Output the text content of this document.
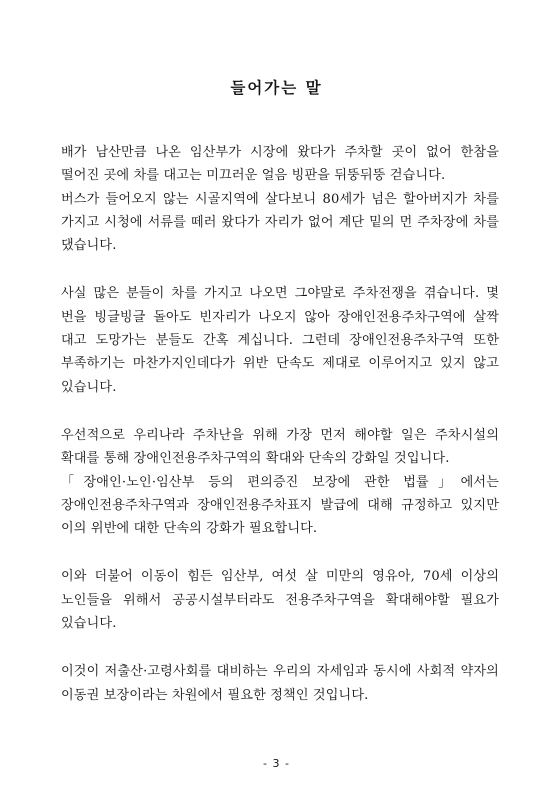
들어가는 말

배가 남산만큼 나온 임산부가 시장에 왔다가 주차할 곳이 없어 한참을 떨어진 곳에 차를 대고는 미끄러운 얼음 빙판을 뒤뚱뒤뚱 걷습니다.
버스가 들어오지 않는 시골지역에 살다보니 80세가 넘은 할아버지가 차를 가지고 시청에 서류를 떼러 왔다가 자리가 없어 계단 밑의 먼 주차장에 차를 댔습니다.

사실 많은 분들이 차를 가지고 나오면 그야말로 주차전쟁을 겪습니다. 몇 번을 빙글빙글 돌아도 빈자리가 나오지 않아 장애인전용주차구역에 살짝 대고 도망가는 분들도 간혹 계십니다. 그런데 장애인전용주차구역 또한 부족하기는 마찬가지인데다가 위반 단속도 제대로 이루어지고 있지 않고 있습니다.

우선적으로 우리나라 주차난을 위해 가장 먼저 해야할 일은 주차시설의 확대를 통해 장애인전용주차구역의 확대와 단속의 강화일 것입니다.
「장애인·노인·임산부 등의 편의증진 보장에 관한 법률」에서는 장애인전용주차구역과 장애인전용주차표지 발급에 대해 규정하고 있지만 이의 위반에 대한 단속의 강화가 필요합니다.

이와 더불어 이동이 힘든 임산부, 여섯 살 미만의 영유아, 70세 이상의 노인들을 위해서 공공시설부터라도 전용주차구역을 확대해야할 필요가 있습니다.

이것이 저출산·고령사회를 대비하는 우리의 자세임과 동시에 사회적 약자의 이동권 보장이라는 차원에서 필요한 정책인 것입니다.

- 3 -
